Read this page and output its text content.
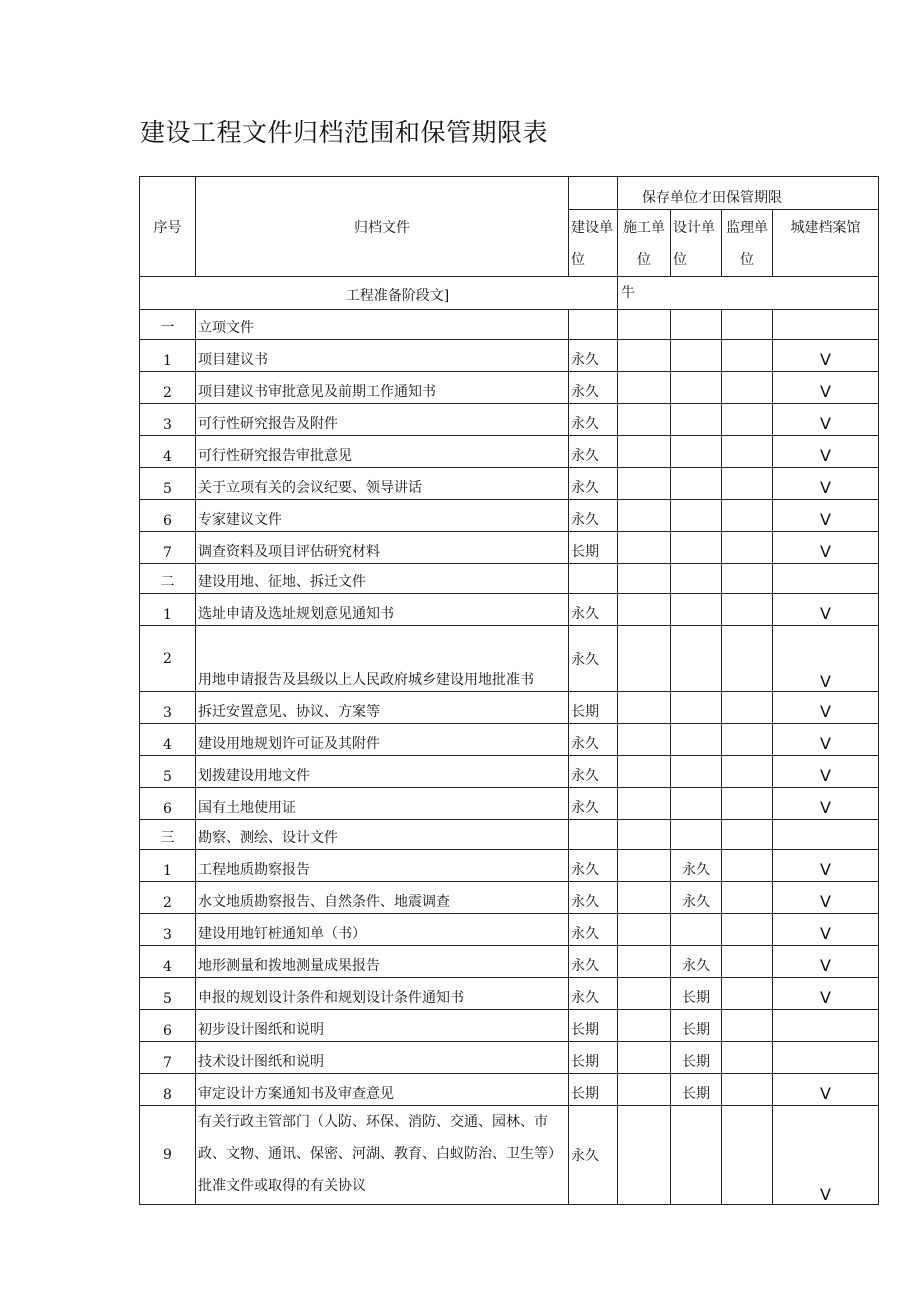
建设工程文件归档范围和保管期限表
序号	归档文件		保存单位才田保管期限			
		建设单位	施工单位	设计单位	监理单位	城建档案馆
工程准备阶段文]			牛			
一	立项文件					
1	项目建议书	永久				V
2	项目建议书审批意见及前期工作通知书	永久				V
3	可行性研究报告及附件	永久				V
4	可行性研究报告审批意见	永久				V
5	关于立项有关的会议纪要、领导讲话	永久				V
6	专家建议文件	永久				V
7	调查资料及项目评估研究材料	长期				V
二	建设用地、征地、拆迁文件					
1	选址申请及选址规划意见通知书	永久				V
2	用地申请报告及县级以上人民政府城乡建设用地批准书	永久				V
3	拆迁安置意见、协议、方案等	长期				V
4	建设用地规划许可证及其附件	永久				V
5	划拨建设用地文件	永久				V
6	国有土地使用证	永久				V
三	勘察、测绘、设计文件					
1	工程地质勘察报告	永久		永久		V
2	水文地质勘察报告、自然条件、地震调查	永久		永久		V
3	建设用地钉桩通知单（书）	永久				V
4	地形测量和拨地测量成果报告	永久		永久		V
5	申报的规划设计条件和规划设计条件通知书	永久		长期		V
6	初步设计图纸和说明	长期		长期		
7	技术设计图纸和说明	长期		长期		
8	审定设计方案通知书及审查意见	长期		长期		V
9	有关行政主管部门（人防、环保、消防、交通、园林、市政、文物、通讯、保密、河湖、教育、白蚁防治、卫生等）批准文件或取得的有关协议	永久				V
